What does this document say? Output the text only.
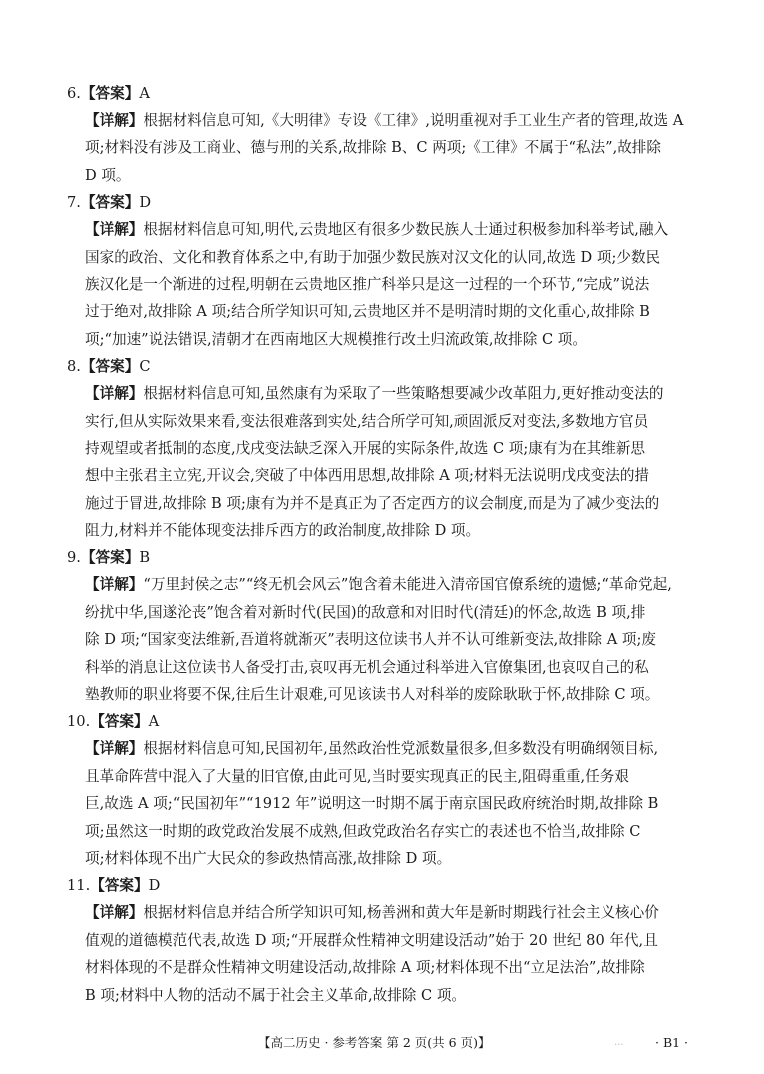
6.【答案】A
【详解】根据材料信息可知,《大明律》专设《工律》,说明重视对手工业生产者的管理,故选 A
项;材料没有涉及工商业、德与刑的关系,故排除 B、C 两项;《工律》不属于“私法”,故排除
D 项。
7.【答案】D
【详解】根据材料信息可知,明代,云贵地区有很多少数民族人士通过积极参加科举考试,融入
国家的政治、文化和教育体系之中,有助于加强少数民族对汉文化的认同,故选 D 项;少数民
族汉化是一个渐进的过程,明朝在云贵地区推广科举只是这一过程的一个环节,“完成”说法
过于绝对,故排除 A 项;结合所学知识可知,云贵地区并不是明清时期的文化重心,故排除 B
项;“加速”说法错误,清朝才在西南地区大规模推行改土归流政策,故排除 C 项。
8.【答案】C
【详解】根据材料信息可知,虽然康有为采取了一些策略想要减少改革阻力,更好推动变法的
实行,但从实际效果来看,变法很难落到实处,结合所学可知,顽固派反对变法,多数地方官员
持观望或者抵制的态度,戊戌变法缺乏深入开展的实际条件,故选 C 项;康有为在其维新思
想中主张君主立宪,开议会,突破了中体西用思想,故排除 A 项;材料无法说明戊戌变法的措
施过于冒进,故排除 B 项;康有为并不是真正为了否定西方的议会制度,而是为了减少变法的
阻力,材料并不能体现变法排斥西方的政治制度,故排除 D 项。
9.【答案】B
【详解】“万里封侯之志”“终无机会风云”饱含着未能进入清帝国官僚系统的遗憾;“革命党起,
纷扰中华,国遂沦丧”饱含着对新时代(民国)的敌意和对旧时代(清廷)的怀念,故选 B 项,排
除 D 项;“国家变法维新,吾道将就渐灭”表明这位读书人并不认可维新变法,故排除 A 项;废
科举的消息让这位读书人备受打击,哀叹再无机会通过科举进入官僚集团,也哀叹自己的私
塾教师的职业将要不保,往后生计艰难,可见该读书人对科举的废除耿耿于怀,故排除 C 项。
10.【答案】A
【详解】根据材料信息可知,民国初年,虽然政治性党派数量很多,但多数没有明确纲领目标,
且革命阵营中混入了大量的旧官僚,由此可见,当时要实现真正的民主,阻碍重重,任务艰
巨,故选 A 项;“民国初年”“1912 年”说明这一时期不属于南京国民政府统治时期,故排除 B
项;虽然这一时期的政党政治发展不成熟,但政党政治名存实亡的表述也不恰当,故排除 C
项;材料体现不出广大民众的参政热情高涨,故排除 D 项。
11.【答案】D
【详解】根据材料信息并结合所学知识可知,杨善洲和黄大年是新时期践行社会主义核心价
值观的道德模范代表,故选 D 项;“开展群众性精神文明建设活动”始于 20 世纪 80 年代,且
材料体现的不是群众性精神文明建设活动,故排除 A 项;材料体现不出“立足法治”,故排除
B 项;材料中人物的活动不属于社会主义革命,故排除 C 项。
【高二历史 · 参考答案 第 2 页(共 6 页)】	...	· B1 ·
